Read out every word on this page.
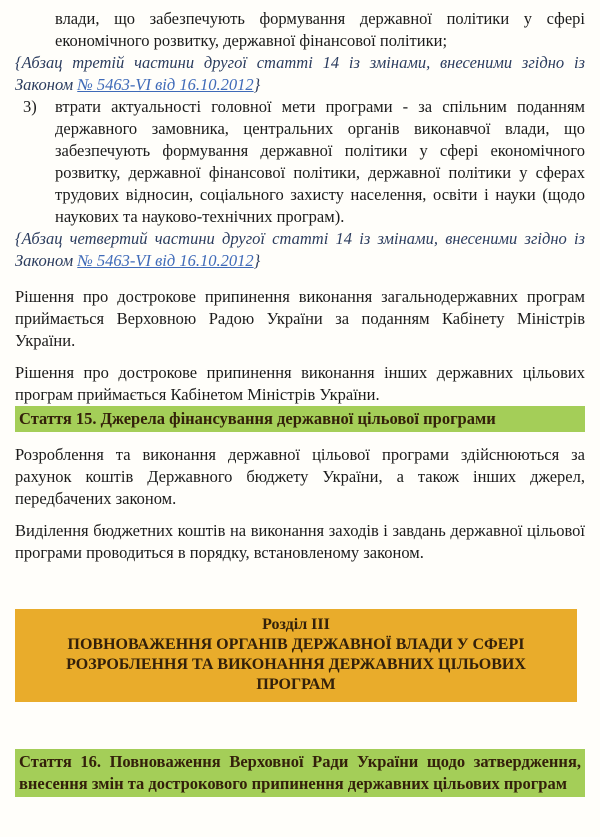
влади, що забезпечують формування державної політики у сфері економічного розвитку, державної фінансової політики;

{Абзац третій частини другої статті 14 із змінами, внесеними згідно із Законом № 5463-VI від 16.10.2012}

3) втрати актуальності головної мети програми - за спільним поданням державного замовника, центральних органів виконавчої влади, що забезпечують формування державної політики у сфері економічного розвитку, державної фінансової політики, державної політики у сферах трудових відносин, соціального захисту населення, освіти і науки (щодо наукових та науково-технічних програм).

{Абзац четвертий частини другої статті 14 із змінами, внесеними згідно із Законом № 5463-VI від 16.10.2012}

Рішення про дострокове припинення виконання загальнодержавних програм приймається Верховною Радою України за поданням Кабінету Міністрів України.

Рішення про дострокове припинення виконання інших державних цільових програм приймається Кабінетом Міністрів України.

Стаття 15. Джерела фінансування державної цільової програми

Розроблення та виконання державної цільової програми здійснюються за рахунок коштів Державного бюджету України, а також інших джерел, передбачених законом.

Виділення бюджетних коштів на виконання заходів і завдань державної цільової програми проводиться в порядку, встановленому законом.

Розділ III
ПОВНОВАЖЕННЯ ОРГАНІВ ДЕРЖАВНОЇ ВЛАДИ У СФЕРІ РОЗРОБЛЕННЯ ТА ВИКОНАННЯ ДЕРЖАВНИХ ЦІЛЬОВИХ ПРОГРАМ
Стаття 16. Повноваження Верховної Ради України щодо затвердження, внесення змін та дострокового припинення державних цільових програм
